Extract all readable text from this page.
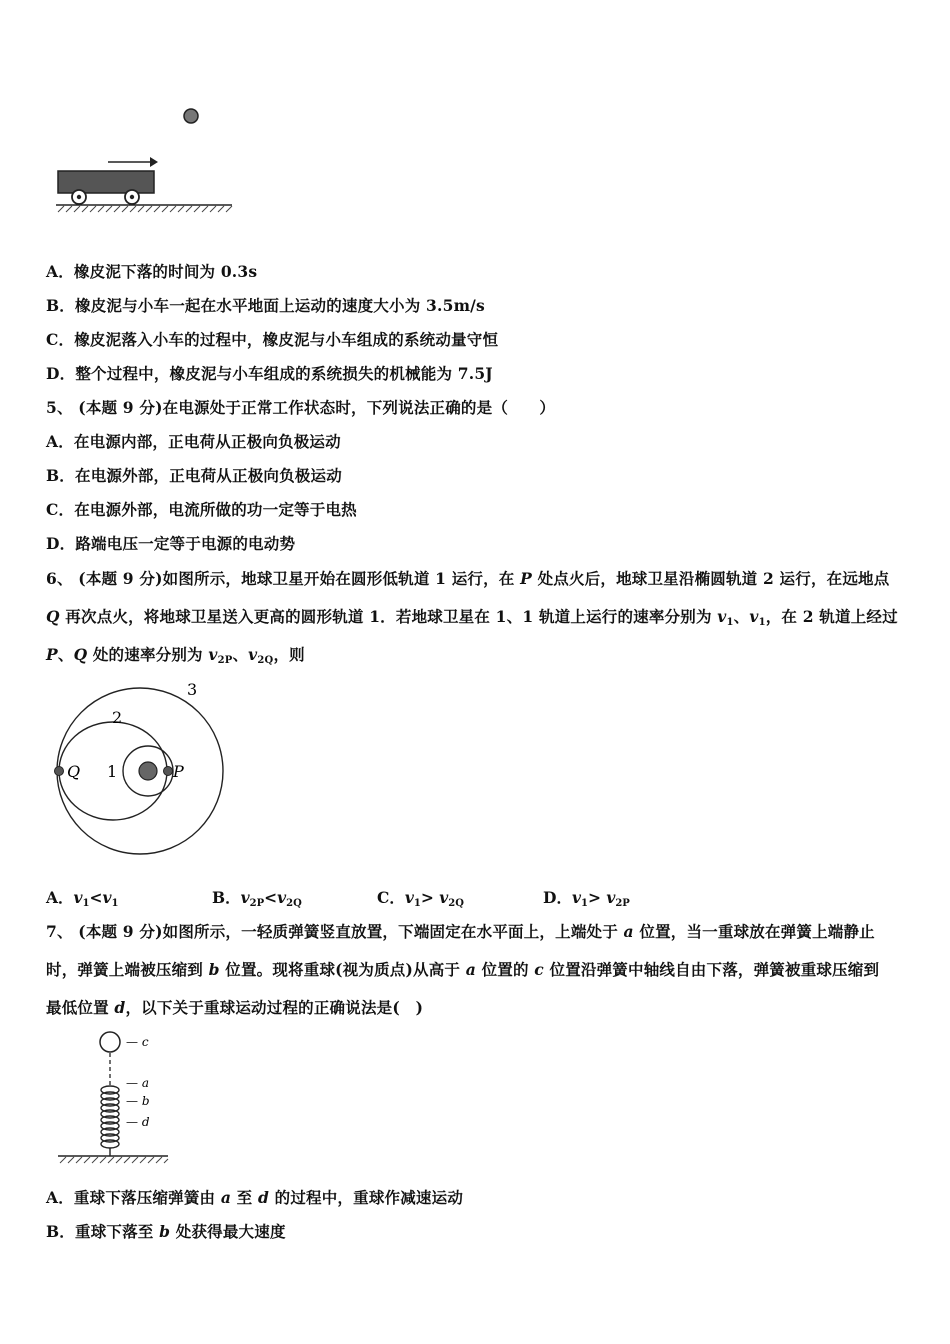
A．橡皮泥下落的时间为 0.3s
B．橡皮泥与小车一起在水平地面上运动的速度大小为 3.5m/s
C．橡皮泥落入小车的过程中，橡皮泥与小车组成的系统动量守恒
D．整个过程中，橡皮泥与小车组成的系统损失的机械能为 7.5J
5、 (本题 9 分)在电源处于正常工作状态时，下列说法正确的是（　　）
A．在电源内部，正电荷从正极向负极运动
B．在电源外部，正电荷从正极向负极运动
C．在电源外部，电流所做的功一定等于电热
D．路端电压一定等于电源的电动势
6、 (本题 9 分)如图所示，地球卫星开始在圆形低轨道 1 运行，在 P 处点火后，地球卫星沿椭圆轨道 2 运行，在远地点
Q 再次点火，将地球卫星送入更高的圆形轨道 1．若地球卫星在 1、1 轨道上运行的速率分别为 $v_1$、$v_1$，在 2 轨道上经过
P、Q 处的速率分别为 $v_{2P}$、$v_{2Q}$，则
3
2
1
Q	P
A．$v_1<v_1$	B．$v_{2P}<v_{2Q}$	C．$v_1> v_{2Q}$	D．$v_1> v_{2P}$
7、 (本题 9 分)如图所示，一轻质弹簧竖直放置，下端固定在水平面上，上端处于 a 位置，当一重球放在弹簧上端静止
时，弹簧上端被压缩到 b 位置。现将重球(视为质点)从高于 a 位置的 c 位置沿弹簧中轴线自由下落，弹簧被重球压缩到
最低位置 d，以下关于重球运动过程的正确说法是(　)
— c
— a
— b
— d
A．重球下落压缩弹簧由 a 至 d 的过程中，重球作减速运动
B．重球下落至 b 处获得最大速度
